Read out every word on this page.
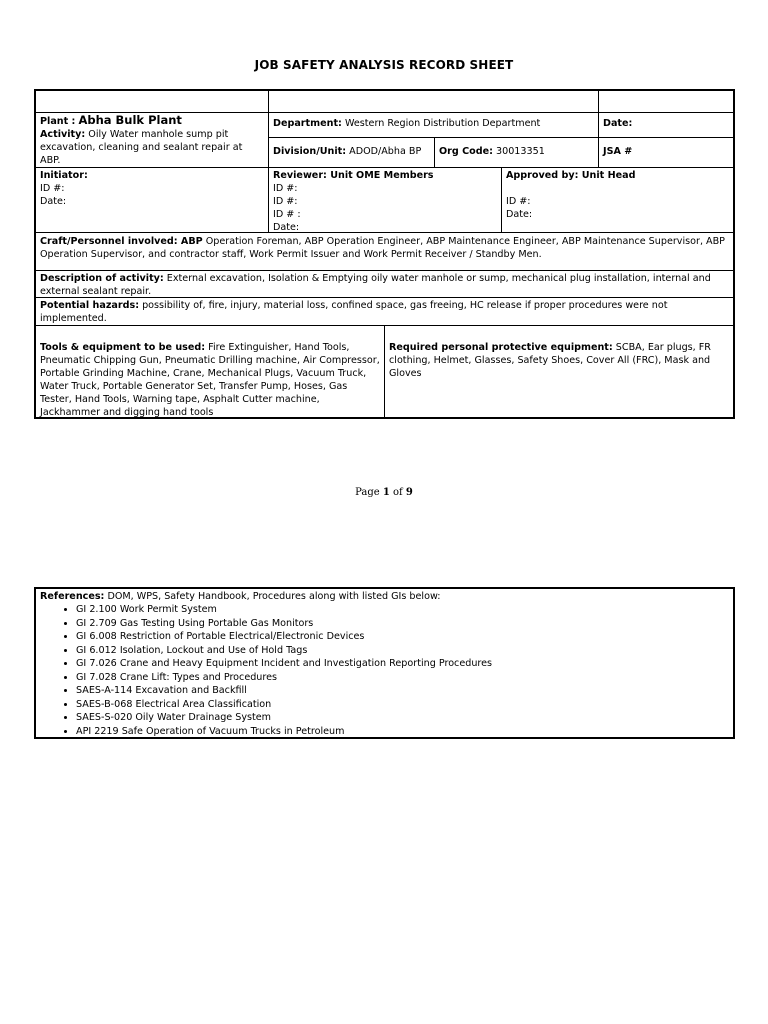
JOB SAFETY ANALYSIS RECORD SHEET
Plant : Abha Bulk Plant
Activity: Oily Water manhole sump pit excavation, cleaning and sealant repair at ABP.
Department: Western Region Distribution Department	Date:
Division/Unit: ADOD/Abha BP	Org Code: 30013351	JSA #
Initiator:
ID #:
Date:
Reviewer: Unit OME Members
ID #:
ID #:
ID # :
Date:
Approved by: Unit Head

ID #:
Date:
Craft/Personnel involved: ABP Operation Foreman, ABP Operation Engineer, ABP Maintenance Engineer, ABP Maintenance Supervisor, ABP Operation Supervisor, and contractor staff, Work Permit Issuer and Work Permit Receiver / Standby Men.
Description of activity: External excavation, Isolation & Emptying oily water manhole or sump, mechanical plug installation, internal and external sealant repair.
Potential hazards: possibility of, fire, injury, material loss, confined space, gas freeing, HC release if proper procedures were not implemented.
Tools & equipment to be used: Fire Extinguisher, Hand Tools, Pneumatic Chipping Gun, Pneumatic Drilling machine, Air Compressor, Portable Grinding Machine, Crane, Mechanical Plugs, Vacuum Truck, Water Truck, Portable Generator Set, Transfer Pump, Hoses, Gas Tester, Hand Tools, Warning tape, Asphalt Cutter machine, Jackhammer and digging hand tools
Required personal protective equipment: SCBA, Ear plugs, FR clothing, Helmet, Glasses, Safety Shoes, Cover All (FRC), Mask and Gloves
Page 1 of 9
References: DOM, WPS, Safety Handbook, Procedures along with listed GIs below:
• GI 2.100 Work Permit System
• GI 2.709 Gas Testing Using Portable Gas Monitors
• GI 6.008 Restriction of Portable Electrical/Electronic Devices
• GI 6.012 Isolation, Lockout and Use of Hold Tags
• GI 7.026 Crane and Heavy Equipment Incident and Investigation Reporting Procedures
• GI 7.028 Crane Lift: Types and Procedures
• SAES-A-114 Excavation and Backfill
• SAES-B-068 Electrical Area Classification
• SAES-S-020 Oily Water Drainage System
• API 2219 Safe Operation of Vacuum Trucks in Petroleum
